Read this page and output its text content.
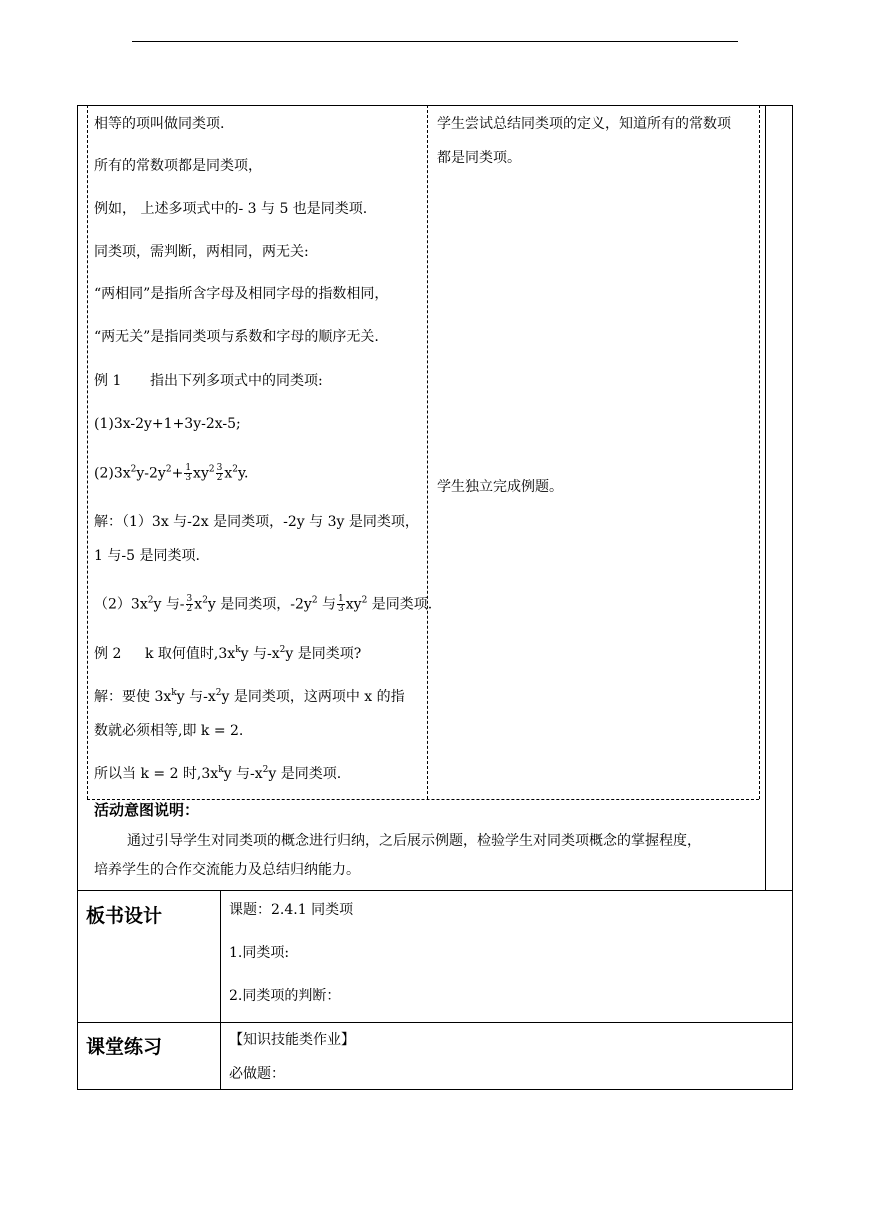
相等的项叫做同类项.
所有的常数项都是同类项，
例如， 上述多项式中的- 3 与 5 也是同类项.
同类项，需判断，两相同，两无关:
“两相同”是指所含字母及相同字母的指数相同，
“两无关”是指同类项与系数和字母的顺序无关.
例 1 指出下列多项式中的同类项:
(1)3x-2y+1+3y-2x-5;
$(2)3x^2y-2y^2+ \frac{1}{3} xy^2 \frac{3}{2} x^2y$.
解：（1）3x 与-2x 是同类项，-2y 与 3y 是同类项，
1 与-5 是同类项.
$(2)3x^2y$ 与- $\frac{3}{2} x^2y$ 是同类项，$-2y^2$ 与 $\frac{1}{3} xy^2$ 是同类项.
例 2 k 取何值时$,3x^ky$ 与$-x^2y$ 是同类项?
解：要使 $3x^ky$ 与$-x^2y$ 是同类项，这两项中 x 的指
数就必须相等,即 k = 2.
所以当 k = 2 时$,3x^ky$ 与$-x^2y$ 是同类项.
学生尝试总结同类项的定义，知道所有的常数项
都是同类项。
学生独立完成例题。
活动意图说明：
通过引导学生对同类项的概念进行归纳，之后展示例题，检验学生对同类项概念的掌握程度，
培养学生的合作交流能力及总结归纳能力。
板书设计	课题：2.4.1 同类项
1.同类项:
2.同类项的判断：
课堂练习	【知识技能类作业】
必做题：
